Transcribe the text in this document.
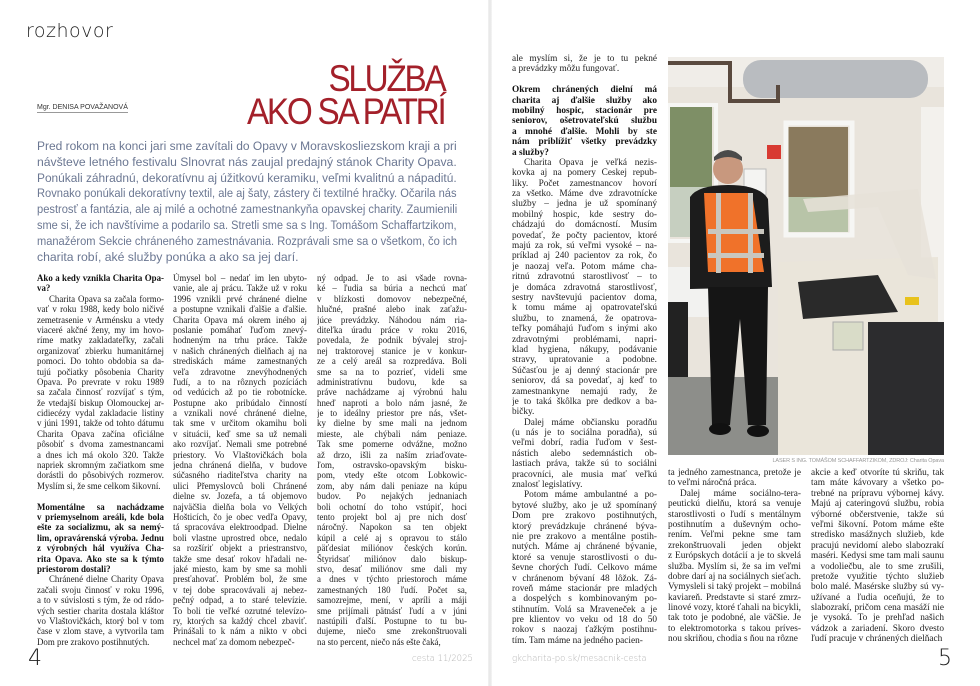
rozhovor
Mgr. DENISA POVAŽANOVÁ
SLUŽBA
AKO SA PATRÍ
Pred rokom na konci jari sme zavítali do Opavy v Moravskosliezskom kraji a pri
návšteve letného festivalu Slnovrat nás zaujal predajný stánok Charity Opava.
Ponúkali záhradnú, dekoratívnu aj úžitkovú keramiku, veľmi kvalitnú a nápaditú.
Rovnako ponúkali dekoratívny textil, ale aj šaty, zástery či textilné hračky. Očarila nás
pestrosť a fantázia, ale aj milé a ochotné zamestnankyňa opavskej charity. Zaumienili
sme si, že ich navštívime a podarilo sa. Stretli sme sa s Ing. Tomášom Schaffartzikom,
manažérom Sekcie chráneného zamestnávania. Rozprávali sme sa o všetkom, čo ich
charita robí, aké služby ponúka a ako sa jej darí.
Ako a kedy vznikla Charita Opa-
va?
Charita Opava sa začala formo-
vať v roku 1988, kedy bolo ničivé
zemetrasenie v Arménsku a vtedy
viaceré akčné ženy, my im hovo-
ríme matky zakladateľky, začali
organizovať zbierku humanitárnej
pomoci. Do tohto obdobia sa da-
tujú počiatky pôsobenia Charity
Opava. Po prevrate v roku 1989
sa začala činnosť rozvíjať s tým,
že vtedajší biskup Olomouckej ar-
cidiecézy vydal zakladacie listiny
v júni 1991, takže od tohto dátumu
Charita Opava začína oficiálne
pôsobiť s dvoma zamestnancami
a dnes ich má okolo 320. Takže
napriek skromným začiatkom sme
dorástli do pôsobivých rozmerov.
Myslím si, že sme celkom šikovní.
Momentálne sa nachádzame
v priemyselnom areáli, kde bola
ešte za socializmu, ak sa nemý-
lim, opravárenská výroba. Jednu
z výrobných hál využíva Cha-
rita Opava. Ako ste sa k týmto
priestorom dostali?
Chránené dielne Charity Opava
začali svoju činnosť v roku 1996,
a to v súvislosti s tým, že od rádo-
vých sestier charita dostala kláštor
vo Vlaštovičkách, ktorý bol v tom
čase v zlom stave, a vytvorila tam
Dom pre zrakovo postihnutých.
Úmysel bol – nedať im len ubyto-
vanie, ale aj prácu. Takže už v roku
1996 vznikli prvé chránené dielne
a postupne vznikali ďalšie a ďalšie.
Charita Opava má okrem iného aj
poslanie pomáhať ľuďom znevý-
hodneným na trhu práce. Takže
v našich chránených dielňach aj na
strediskách máme zamestnaných
veľa zdravotne znevýhodnených
ľudí, a to na rôznych pozíciách
od vedúcich až po tie robotnícke.
Postupne ako pribúdalo činností
a vznikali nové chránené dielne,
tak sme v určitom okamihu boli
v situácii, keď sme sa už nemali
ako rozvíjať. Nemali sme potrebné
priestory. Vo Vlaštovičkách bola
jedna chránená dielňa, v budove
súčasného riaditeľstva charity na
ulici Přemyslovců boli Chránené
dielne sv. Jozefa, a tá objemovo
najväčšia dielňa bola vo Velkých
Hošticích, čo je obec vedľa Opavy,
tá spracováva elektroodpad. Dielne
boli vlastne uprostred obce, nedalo
sa rozšíriť objekt a priestranstvo,
takže sme desať rokov hľadali ne-
jaké miesto, kam by sme sa mohli
presťahovať. Problém bol, že sme
v tej dobe spracovávali aj nebez-
pečný odpad, a to staré televízie.
To boli tie veľké ozrutné televízo-
ry, ktorých sa každý chcel zbaviť.
Prinášali to k nám a nikto v obci
nechcel mať za domom nebezpeč-
ný odpad. Je to asi všade rovna-
ké – ľudia sa búria a nechcú mať
v blízkosti domovov nebezpečné,
hlučné, prašné alebo inak zaťažu-
júce prevádzky. Náhodou nám ria-
diteľka úradu práce v roku 2016,
povedala, že podnik bývalej stroj-
nej traktorovej stanice je v konkur-
ze a celý areál sa rozpredáva. Boli
sme sa na to pozrieť, videli sme
administratívnu budovu, kde sa
práve nachádzame aj výrobnú halu
hneď naproti a bolo nám jasné, že
je to ideálny priestor pre nás, všet-
ky dielne by sme mali na jednom
mieste, ale chýbali nám peniaze.
Tak sme pomerne odvážne, možno
až drzo, išli za naším zriaďovate-
ľom, ostravsko-opavským bisku-
pom, vtedy ešte otcom Lobkowic-
zom, aby nám dali peniaze na kúpu
budov. Po nejakých jednaniach
boli ochotní do toho vstúpiť, hoci
tento projekt bol aj pre nich dosť
náročný. Napokon sa ten objekt
kúpil a celé aj s opravou to stálo
päťdesiat miliónov českých korún.
Štyridsať miliónov dalo biskup-
stvo, desať miliónov sme dali my
a dnes v týchto priestoroch máme
zamestnaných 180 ľudí. Počet sa,
samozrejme, mení, v apríli a máji
sme prijímali pätnásť ľudí a v júni
nastúpili ďalší. Postupne to tu bu-
dujeme, niečo sme zrekonštruovali
na sto percent, niečo nás ešte čaká,
ale myslím si, že je to tu pekné
a prevádzky môžu fungovať.
Okrem chránených dielní má
charita aj ďalšie služby ako
mobilný hospic, stacionár pre
seniorov, ošetrovateľskú službu
a mnohé ďalšie. Mohli by ste
nám priblížiť všetky prevádzky
a služby?
Charita Opava je veľká nezis-
kovka aj na pomery Českej repub-
liky. Počet zamestnancov hovorí
za všetko. Máme dve zdravotnícke
služby – jedna je už spomínaný
mobilný hospic, kde sestry do-
chádzajú do domácností. Musím
povedať, že počty pacientov, ktoré
majú za rok, sú veľmi vysoké – na-
príklad aj 240 pacientov za rok, čo
je naozaj veľa. Potom máme cha-
ritnú zdravotnú starostlivosť – to
je domáca zdravotná starostlivosť,
sestry navštevujú pacientov doma,
k tomu máme aj opatrovateľskú
službu, to znamená, že opatrova-
teľky pomáhajú ľuďom s inými ako
zdravotnými problémami, napri-
klad hygiena, nákupy, podávanie
stravy, upratovanie a podobne.
Súčasťou je aj denný stacionár pre
seniorov, dá sa povedať, aj keď to
zamestnankyne nemajú rady, že
je to taká škôlka pre dedkov a ba-
bičky.
Ďalej máme občiansku poradňu
(u nás je to sociálna poradňa), sú
veľmi dobrí, radia ľuďom v šest-
nástich alebo sedemnástich ob-
lastiach práva, takže sú to sociálni
pracovníci, ale musia mať veľkú
znalosť legislatívy.
Potom máme ambulantné a po-
bytové služby, ako je už spomínaný
Dom pre zrakovo postihnutých,
ktorý prevádzkuje chránené býva-
nie pre zrakovo a mentálne postih-
nutých. Máme aj chránené bývanie,
ktoré sa venuje starostlivosti o du-
ševne chorých ľudí. Celkovo máme
v chránenom bývaní 48 lôžok. Zá-
roveň máme stacionár pre mladých
a dospelých s kombinovaným po-
stihnutím. Volá sa Mraveneček a je
pre klientov vo veku od 18 do 50
rokov s naozaj ťažkým postihnu-
tím. Tam máme na jedného pacien-
ta jedného zamestnanca, pretože je
to veľmi náročná práca.
Ďalej máme sociálno-tera-
peutickú dielňu, ktorá sa venuje
starostlivosti o ľudí s mentálnym
postihnutím a duševným ocho-
rením. Veľmi pekne sme tam
zrekonštruovali jeden objekt
z Európskych dotácií a je to skvelá
služba. Myslím si, že sa im veľmi
dobre darí aj na sociálnych sieťach.
Vymysleli si taký projekt – mobilná
kaviareň. Predstavte si staré zmrz-
linové vozy, ktoré ťahali na bicykli,
tak toto je podobné, ale väčšie. Je
to elektromotorka s takou príves-
nou skriňou, chodia s ňou na rôzne
akcie a keď otvoríte tú skriňu, tak
tam máte kávovary a všetko po-
trebné na prípravu výbornej kávy.
Majú aj cateringovú službu, robia
výborné občerstvenie, takže sú
veľmi šikovní. Potom máme ešte
stredisko masážnych služieb, kde
pracujú nevidomí alebo slabozrakí
maséri. Kedysi sme tam mali saunu
a vodoliečbu, ale to sme zrušili,
pretože využitie týchto služieb
bolo malé. Masérske služby sú vy-
užívané a ľudia oceňujú, že to
slabozrakí, pričom cena masáží nie
je vysoká. To je prehľad našich
vádzok a zariadení. Skoro dvesto
ľudí pracuje v chránených dielňach
LASER S ING. TOMÁŠOM SCHAFFARTZIKOM, ZDROJ: Charita Opava
4	5
cesta 11/2025	gkcharita-po.sk/mesacnik-cesta
